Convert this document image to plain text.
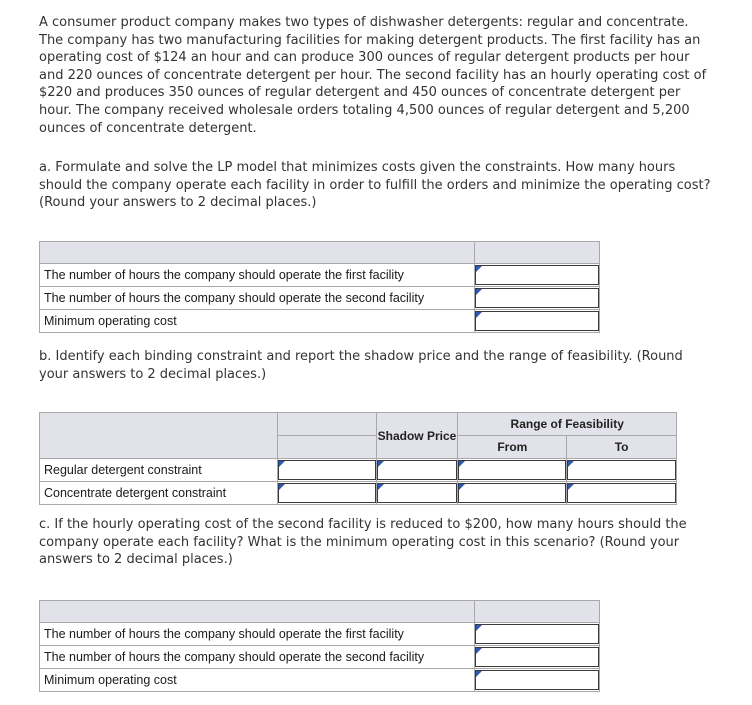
A consumer product company makes two types of dishwasher detergents: regular and concentrate. The company has two manufacturing facilities for making detergent products. The first facility has an operating cost of $124 an hour and can produce 300 ounces of regular detergent products per hour and 220 ounces of concentrate detergent per hour. The second facility has an hourly operating cost of $220 and produces 350 ounces of regular detergent and 450 ounces of concentrate detergent per hour. The company received wholesale orders totaling 4,500 ounces of regular detergent and 5,200 ounces of concentrate detergent.

a. Formulate and solve the LP model that minimizes costs given the constraints. How many hours should the company operate each facility in order to fulfill the orders and minimize the operating cost? (Round your answers to 2 decimal places.)

The number of hours the company should operate the first facility	

The number of hours the company should operate the second facility	

Minimum operating cost	

b. Identify each binding constraint and report the shadow price and the range of feasibility. (Round your answers to 2 decimal places.)

		Shadow Price	Range of Feasibility	
			From	To
Regular detergent constraint	

Concentrate detergent constraint	

c. If the hourly operating cost of the second facility is reduced to $200, how many hours should the company operate each facility? What is the minimum operating cost in this scenario? (Round your answers to 2 decimal places.)

The number of hours the company should operate the first facility	

The number of hours the company should operate the second facility	

Minimum operating cost	
